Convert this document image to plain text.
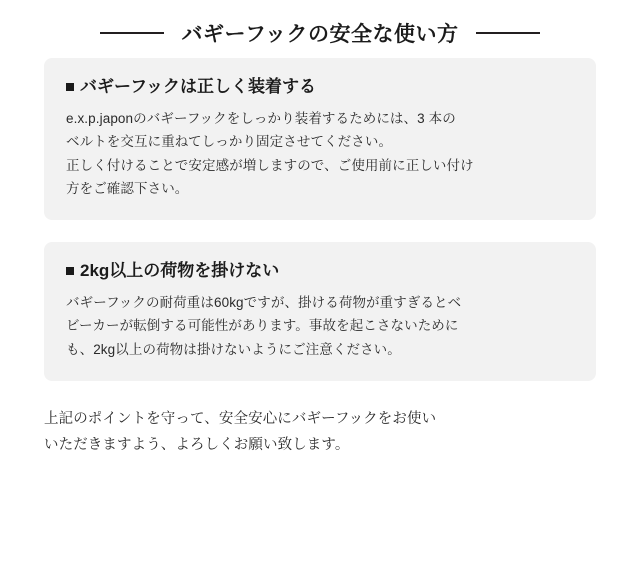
バギーフックの安全な使い方
バギーフックは正しく装着する

e.x.p.japonのバギーフックをしっかり装着するためには、3 本の

ベルトを交互に重ねてしっかり固定させてください。

正しく付けることで安定感が増しますので、ご使用前に正しい付け

方をご確認下さい。

2kg以上の荷物を掛けない

バギーフックの耐荷重は60kgですが、掛ける荷物が重すぎるとベ

ビーカーが転倒する可能性があります。事故を起こさないために

も、2kg以上の荷物は掛けないようにご注意ください。

上記のポイントを守って、安全安心にバギーフックをお使い

いただきますよう、よろしくお願い致します。
